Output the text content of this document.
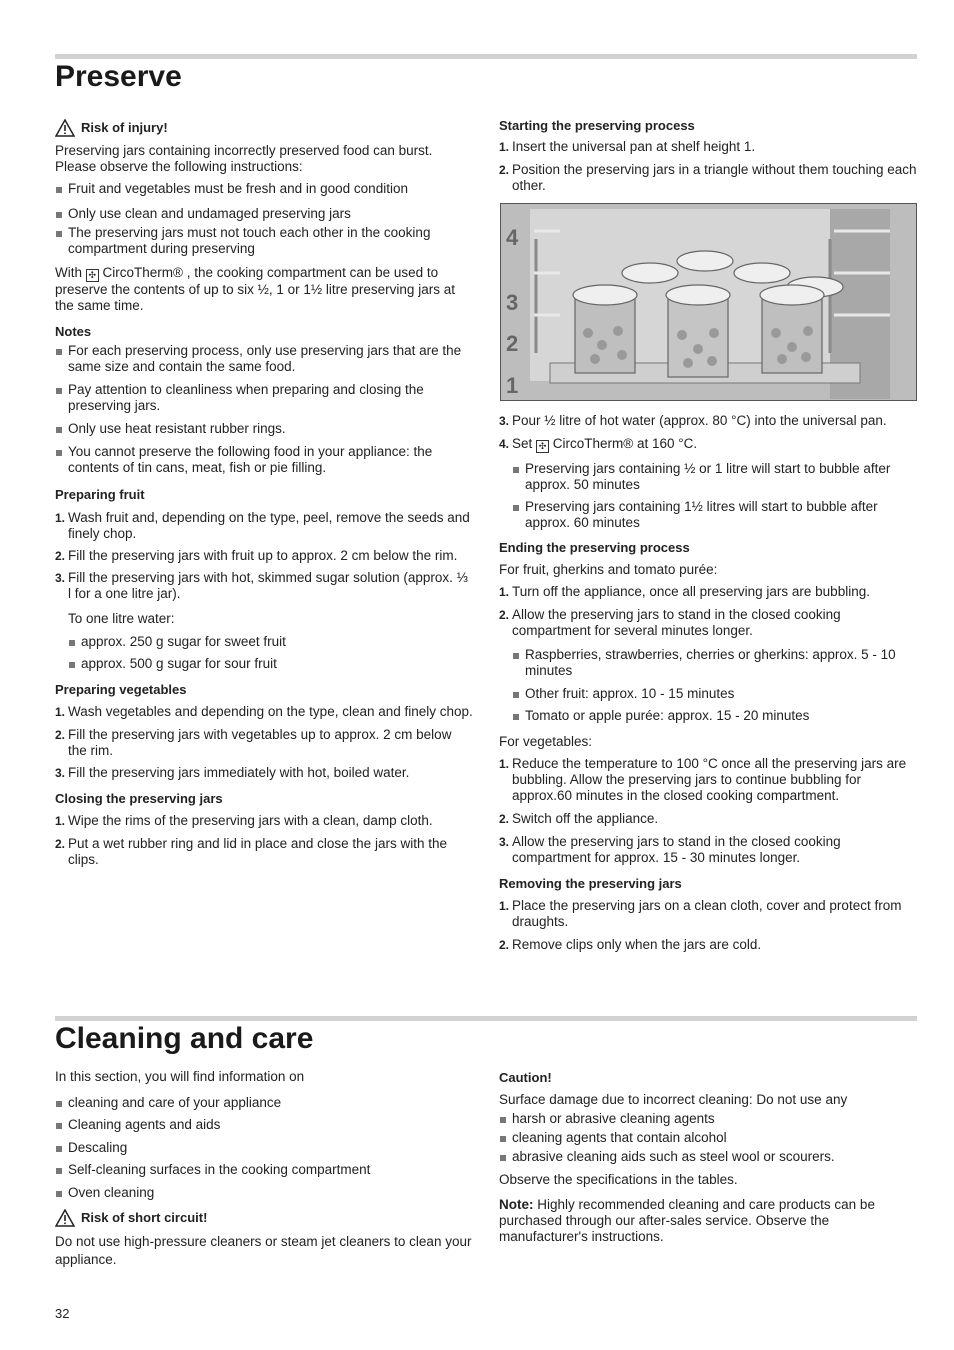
Preserve
Risk of injury!

Preserving jars containing incorrectly preserved food can burst. Please observe the following instructions:

Fruit and vegetables must be fresh and in good condition
Only use clean and undamaged preserving jars
The preserving jars must not touch each other in the cooking compartment during preserving

With ✣ CircoTherm® , the cooking compartment can be used to preserve the contents of up to six ½, 1 or 1½ litre preserving jars at the same time.

Notes

For each preserving process, only use preserving jars that are the same size and contain the same food.
Pay attention to cleanliness when preparing and closing the preserving jars.
Only use heat resistant rubber rings.
You cannot preserve the following food in your appliance: the contents of tin cans, meat, fish or pie filling.

Preparing fruit

1. Wash fruit and, depending on the type, peel, remove the seeds and finely chop.
2. Fill the preserving jars with fruit up to approx. 2 cm below the rim.
3. Fill the preserving jars with hot, skimmed sugar solution (approx. ⅓ l for a one litre jar).

To one litre water:

approx. 250 g sugar for sweet fruit
approx. 500 g sugar for sour fruit

Preparing vegetables

1. Wash vegetables and depending on the type, clean and finely chop.
2. Fill the preserving jars with vegetables up to approx. 2 cm below the rim.
3. Fill the preserving jars immediately with hot, boiled water.

Closing the preserving jars

1. Wipe the rims of the preserving jars with a clean, damp cloth.
2. Put a wet rubber ring and lid in place and close the jars with the clips.

Starting the preserving process

1. Insert the universal pan at shelf height 1.
2. Position the preserving jars in a triangle without them touching each other.
4
3
2
1
3. Pour ½ litre of hot water (approx. 80 °C) into the universal pan.
4. Set ✣ CircoTherm® at 160 °C.
Preserving jars containing ½ or 1 litre will start to bubble after approx. 50 minutes
Preserving jars containing 1½ litres will start to bubble after approx. 60 minutes

Ending the preserving process

For fruit, gherkins and tomato purée:

1. Turn off the appliance, once all preserving jars are bubbling.
2. Allow the preserving jars to stand in the closed cooking compartment for several minutes longer.
Raspberries, strawberries, cherries or gherkins: approx. 5 - 10 minutes
Other fruit: approx. 10 - 15 minutes
Tomato or apple purée: approx. 15 - 20 minutes

For vegetables:

1. Reduce the temperature to 100 °C once all the preserving jars are bubbling. Allow the preserving jars to continue bubbling for approx.60 minutes in the closed cooking compartment.
2. Switch off the appliance.
3. Allow the preserving jars to stand in the closed cooking compartment for approx. 15 - 30 minutes longer.

Removing the preserving jars

1. Place the preserving jars on a clean cloth, cover and protect from draughts.
2. Remove clips only when the jars are cold.
Cleaning and care

In this section, you will find information on

cleaning and care of your appliance
Cleaning agents and aids
Descaling
Self-cleaning surfaces in the cooking compartment
Oven cleaning
Risk of short circuit!

Do not use high-pressure cleaners or steam jet cleaners to clean your appliance.

Caution!

Surface damage due to incorrect cleaning: Do not use any

harsh or abrasive cleaning agents
cleaning agents that contain alcohol
abrasive cleaning aids such as steel wool or scourers.

Observe the specifications in the tables.

Note: Highly recommended cleaning and care products can be purchased through our after-sales service. Observe the manufacturer's instructions.

32
